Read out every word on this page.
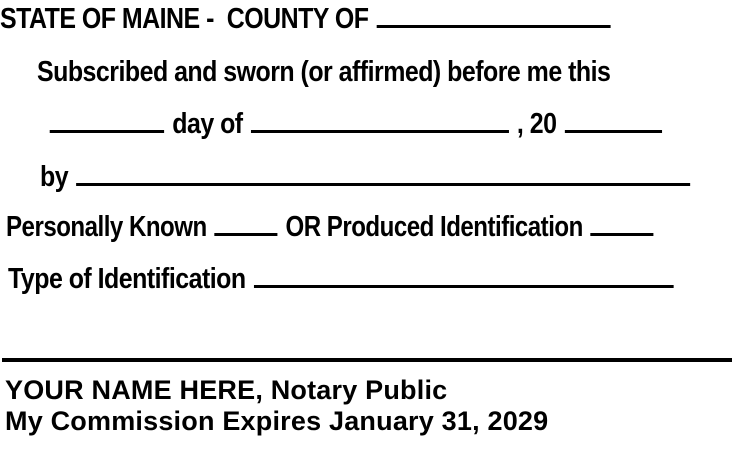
STATE OF MAINE - COUNTY OF
Subscribed and sworn (or affirmed) before me this
day of	, 20
by
Personally Known	OR Produced Identification
Type of Identification
YOUR NAME HERE, Notary Public
My Commission Expires January 31, 2029
